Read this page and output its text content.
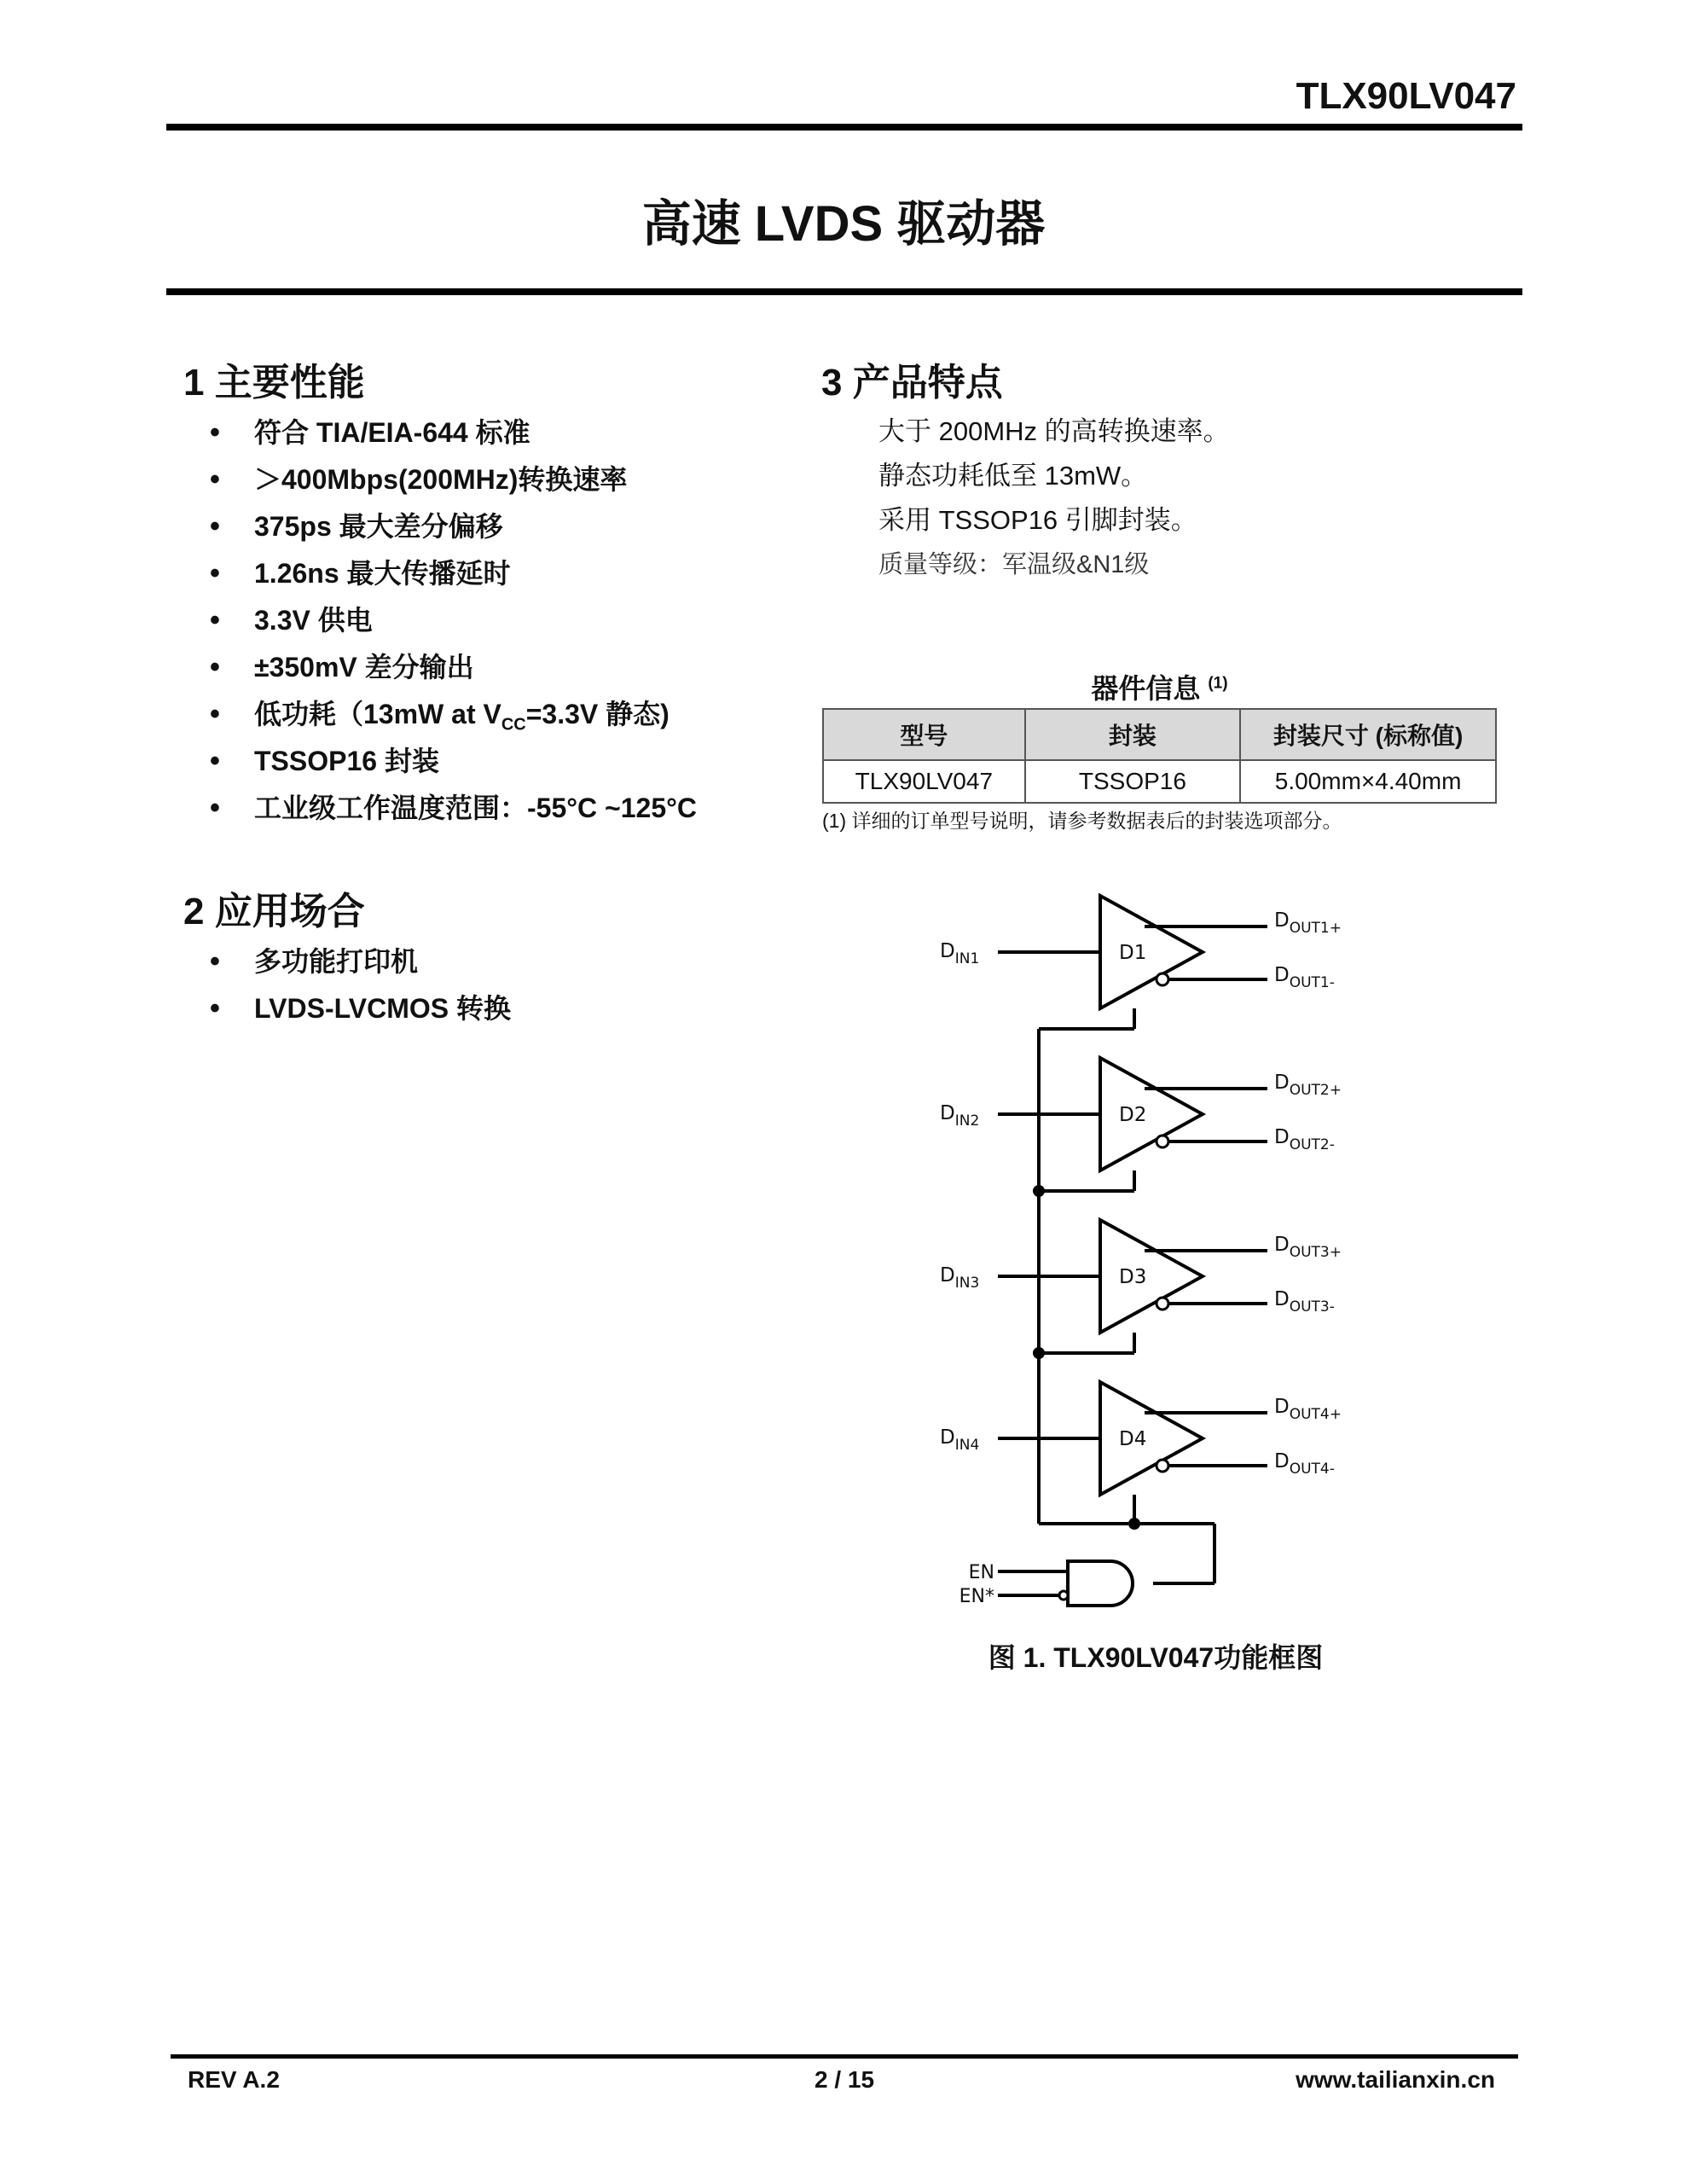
TLX90LV047
高速 LVDS 驱动器
1 主要性能
• 符合 TIA/EIA-644 标准
• ＞400Mbps(200MHz)转换速率
• 375ps 最大差分偏移
• 1.26ns 最大传播延时
• 3.3V 供电
• ±350mV 差分输出
• 低功耗（13mW at $V_{CC}=3.3V$ 静态)
• TSSOP16 封装
• 工业级工作温度范围：-55°C ~125°C
2 应用场合
• 多功能打印机
• LVDS-LVCMOS 转换
3 产品特点
大于 200MHz 的高转换速率。
静态功耗低至 13mW。
采用 TSSOP16 引脚封装。
质量等级：军温级&N1级
器件信息 $^{(1)}$
型号	封装	封装尺寸 (标称值)
TLX90LV047	TSSOP16	5.00mm×4.40mm
(1) 详细的订单型号说明，请参考数据表后的封装选项部分。
EN
EN*
D1
$D_{IN1}$
$D_{OUT1+}$
$D_{OUT1-}$
D2
$D_{IN2}$
$D_{OUT2+}$
$D_{OUT2-}$
D3
$D_{IN3}$
$D_{OUT3+}$
$D_{OUT3-}$
D4
$D_{IN4}$
$D_{OUT4+}$
$D_{OUT4-}$
图 1. TLX90LV047功能框图
REV A.2	2 / 15	www.tailianxin.cn
